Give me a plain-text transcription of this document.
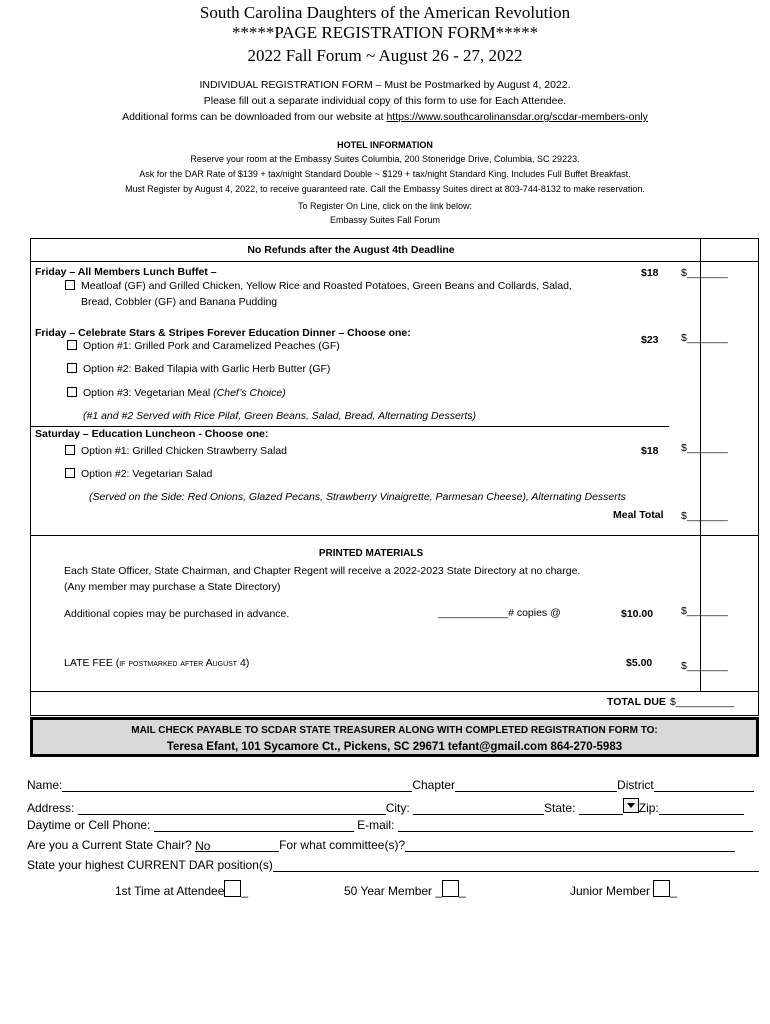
South Carolina Daughters of the American Revolution
*****PAGE REGISTRATION FORM*****
2022 Fall Forum ~ August 26 - 27, 2022
INDIVIDUAL REGISTRATION FORM – Must be Postmarked by August 4, 2022.
Please fill out a separate individual copy of this form to use for Each Attendee.
Additional forms can be downloaded from our website at https://www.southcarolinansdar.org/scdar-members-only
HOTEL INFORMATION
Reserve your room at the Embassy Suites Columbia, 200 Stoneridge Drive, Columbia, SC 29223.
Ask for the DAR Rate of $139 + tax/night Standard Double ~ $129 + tax/night Standard King. Includes Full Buffet Breakfast.
Must Register by August 4, 2022, to receive guaranteed rate. Call the Embassy Suites direct at 803-744-8132 to make reservation.
To Register On Line, click on the link below:
Embassy Suites Fall Forum
No Refunds after the August 4th Deadline
Friday – All Members Lunch Buffet –
Meatloaf (GF) and Grilled Chicken, Yellow Rice and Roasted Potatoes, Green Beans and Collards, Salad,
Bread, Cobbler (GF) and Banana Pudding
$18 $_______
Friday – Celebrate Stars & Stripes Forever Education Dinner – Choose one:
Option #1: Grilled Pork and Caramelized Peaches (GF)
Option #2: Baked Tilapia with Garlic Herb Butter (GF)
Option #3: Vegetarian Meal (Chef’s Choice)
(#1 and #2 Served with Rice Pilaf, Green Beans, Salad, Bread, Alternating Desserts)
$23 $_______
Saturday – Education Luncheon - Choose one:
Option #1: Grilled Chicken Strawberry Salad
Option #2: Vegetarian Salad
(Served on the Side: Red Onions, Glazed Pecans, Strawberry Vinaigrette, Parmesan Cheese), Alternating Desserts
$18 $_______
Meal Total $_______
PRINTED MATERIALS
Each State Officer, State Chairman, and Chapter Regent will receive a 2022-2023 State Directory at no charge.
(Any member may purchase a State Directory)
Additional copies may be purchased in advance.	____________# copies @	$10.00	$_______
LATE FEE (if postmarked after August 4)	$5.00	$_______
TOTAL DUE $__________
MAIL CHECK PAYABLE TO SCDAR STATE TREASURER ALONG WITH COMPLETED REGISTRATION FORM TO:
Teresa Efant, 101 Sycamore Ct., Pickens, SC 29671 tefant@gmail.com 864-270-5983
Name:	Chapter	District
Address:	City:	State:	Zip:
Daytime or Cell Phone:	E-mail:
Are you a Current State Chair? No	For what committee(s)?
State your highest CURRENT DAR position(s)
1st Time at Attendee _	50 Year Member _ _	Junior Member _
